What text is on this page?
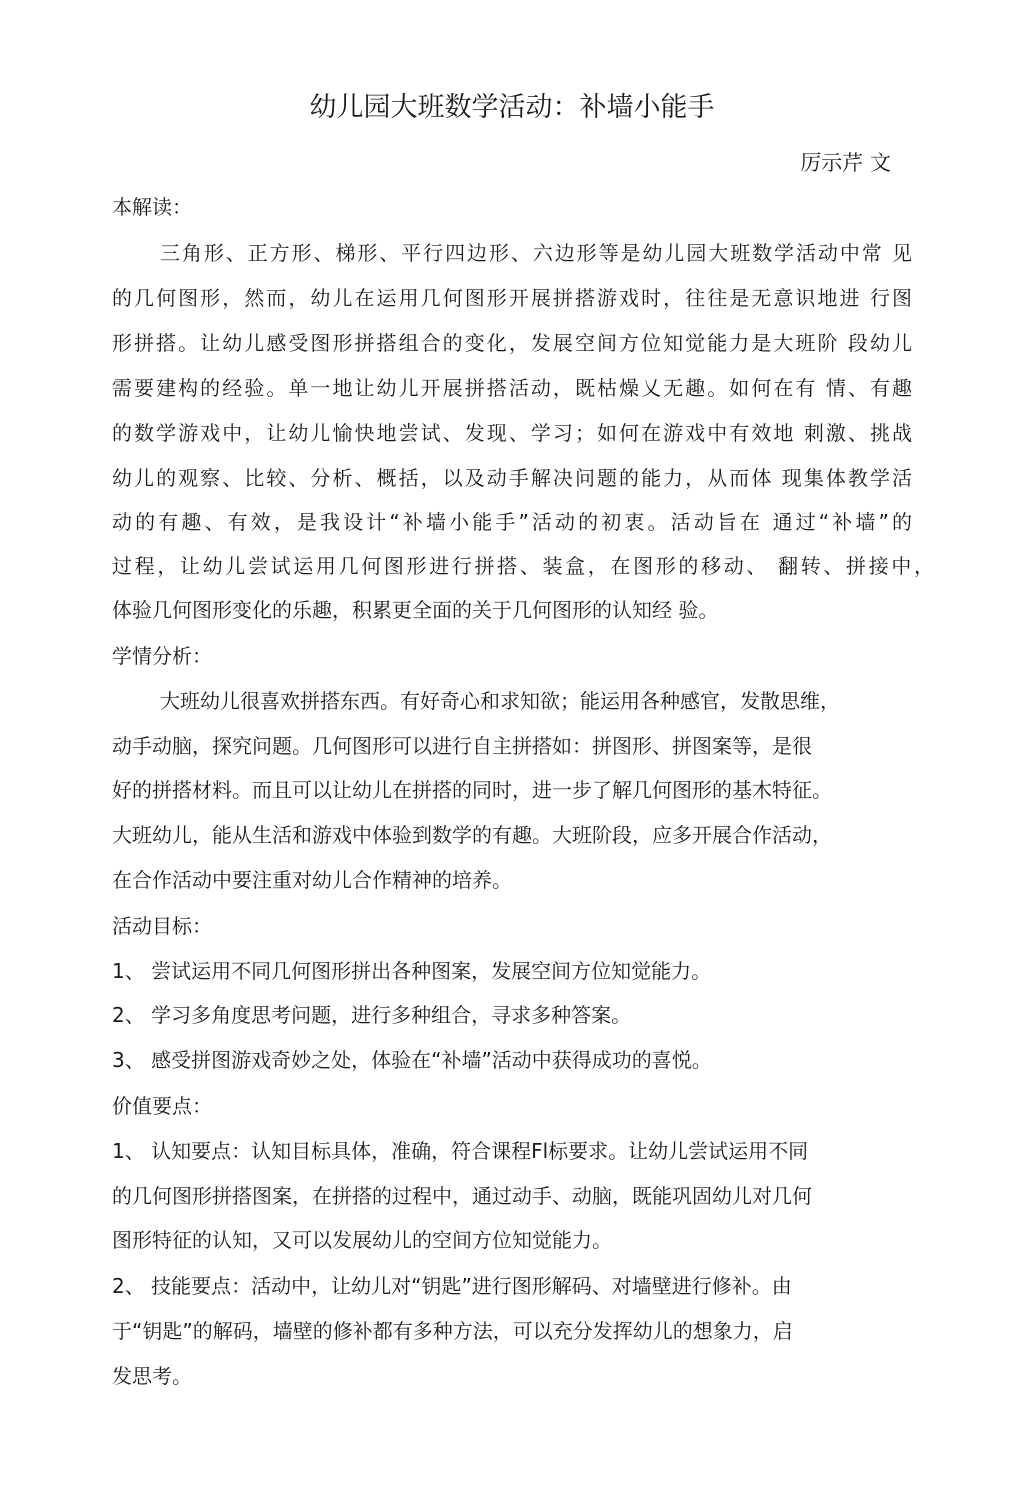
幼儿园大班数学活动：补墙小能手
厉示芹 文
本解读：
三角形、正方形、梯形、平行四边形、六边形等是幼儿园大班数学活动中常 见
的几何图形，然而，幼儿在运用几何图形开展拼搭游戏时，往往是无意识地进 行图
形拼搭。让幼儿感受图形拼搭组合的变化，发展空间方位知觉能力是大班阶 段幼儿
需要建构的经验。单一地让幼儿开展拼搭活动，既枯燥乂无趣。如何在有 情、有趣
的数学游戏中，让幼儿愉快地尝试、发现、学习；如何在游戏中有效地 刺激、挑战
幼儿的观察、比较、分析、概括，以及动手解决问题的能力，从而体 现集体教学活
动的有趣、有效，是我设计“补墙小能手”活动的初衷。活动旨在 通过“补墙”的
过程，让幼儿尝试运用几何图形进行拼搭、装盒，在图形的移动、 翻转、拼接中，
体验几何图形变化的乐趣，积累更全面的关于几何图形的认知经 验。
学情分析：
大班幼儿很喜欢拼搭东西。有好奇心和求知欲；能运用各种感官，发散思维，
动手动脑，探究问题。几何图形可以进行自主拼搭如：拼图形、拼图案等，是很
好的拼搭材料。而且可以让幼儿在拼搭的同时，进一步了解几何图形的基木特征。
大班幼儿，能从生活和游戏中体验到数学的有趣。大班阶段，应多开展合作活动，
在合作活动中要注重对幼儿合作精神的培养。
活动目标：
1、 尝试运用不同几何图形拼出各种图案，发展空间方位知觉能力。
2、 学习多角度思考问题，进行多种组合，寻求多种答案。
3、 感受拼图游戏奇妙之处，体验在“补墙”活动中获得成功的喜悦。
价值要点：
1、 认知要点：认知目标具体，准确，符合课程Fl标要求。让幼儿尝试运用不同
的几何图形拼搭图案，在拼搭的过程中，通过动手、动脑，既能巩固幼儿对几何
图形特征的认知，又可以发展幼儿的空间方位知觉能力。
2、 技能要点：活动中，让幼儿对“钥匙”进行图形解码、对墙壁进行修补。由
于“钥匙”的解码，墙壁的修补都有多种方法，可以充分发挥幼儿的想象力，启
发思考。
